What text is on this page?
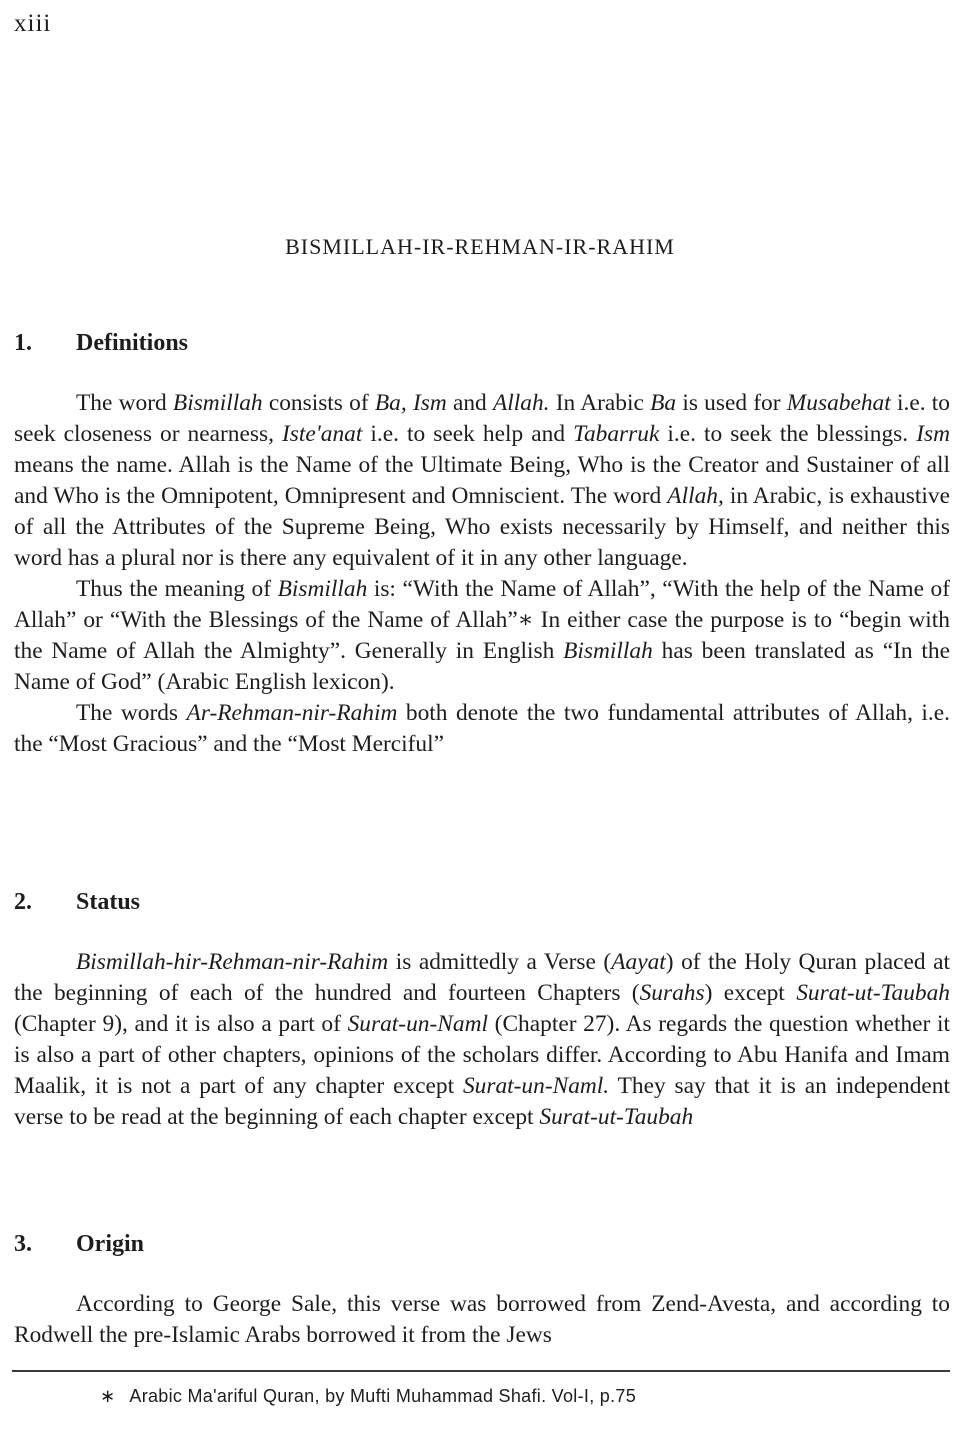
xiii
BISMILLAH-IR-REHMAN-IR-RAHIM
1. Definitions

The word Bismillah consists of Ba, Ism and Allah. In Arabic Ba is used for Musabehat i.e. to seek closeness or nearness, Iste'anat i.e. to seek help and Tabarruk i.e. to seek the blessings. Ism means the name. Allah is the Name of the Ultimate Being, Who is the Creator and Sustainer of all and Who is the Omnipotent, Omnipresent and Omniscient. The word Allah, in Arabic, is exhaustive of all the Attributes of the Supreme Being, Who exists necessarily by Himself, and neither this word has a plural nor is there any equivalent of it in any other language.

Thus the meaning of Bismillah is: “With the Name of Allah”, “With the help of the Name of Allah” or “With the Blessings of the Name of Allah”∗ In either case the purpose is to “begin with the Name of Allah the Almighty”. Generally in English Bismillah has been translated as “In the Name of God” (Arabic English lexicon).

The words Ar-Rehman-nir-Rahim both denote the two fundamental attributes of Allah, i.e. the “Most Gracious” and the “Most Merciful”

2. Status

Bismillah-hir-Rehman-nir-Rahim is admittedly a Verse (Aayat) of the Holy Quran placed at the beginning of each of the hundred and fourteen Chapters (Surahs) except Surat-ut-Taubah (Chapter 9), and it is also a part of Surat-un-Naml (Chapter 27). As regards the question whether it is also a part of other chapters, opinions of the scholars differ. According to Abu Hanifa and Imam Maalik, it is not a part of any chapter except Surat-un-Naml. They say that it is an independent verse to be read at the beginning of each chapter except Surat-ut-Taubah

3. Origin

According to George Sale, this verse was borrowed from Zend-Avesta, and according to Rodwell the pre-Islamic Arabs borrowed it from the Jews

∗ Arabic Ma'ariful Quran, by Mufti Muhammad Shafi. Vol-I, p.75
